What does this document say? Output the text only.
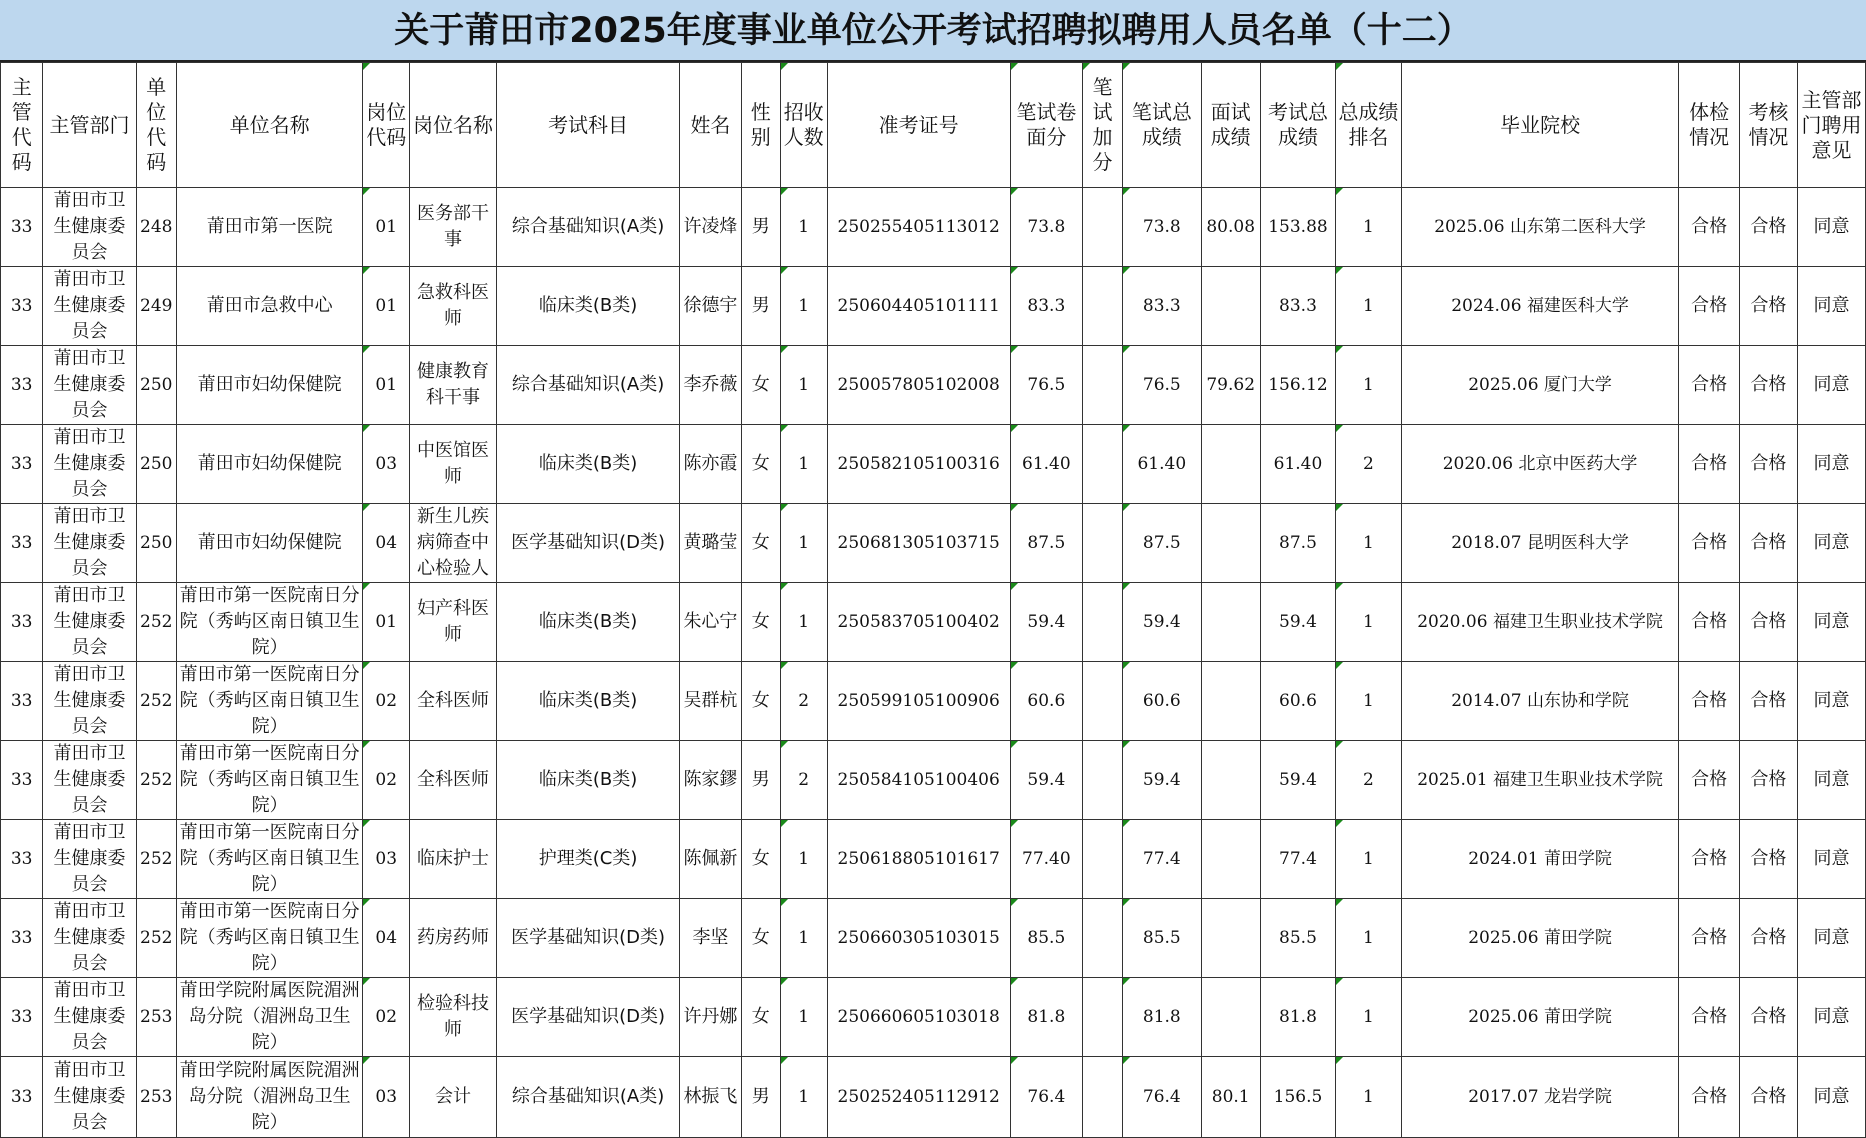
关于莆田市2025年度事业单位公开考试招聘拟聘用人员名单（十二）
主管代码	主管部门	单位代码	单位名称	岗位代码	岗位名称	考试科目	姓名	性别	招收人数	准考证号	笔试卷面分	笔试加分	笔试总成绩	面试成绩	考试总成绩	总成绩排名	毕业院校	体检情况	考核情况	主管部门聘用意见

33	莆田市卫生健康委员会	248	莆田市第一医院	01	医务部干事	综合基础知识(A类)	许凌烽	男	1	250255405113012	73.8		73.8	80.08	153.88	1	2025.06 山东第二医科大学	合格	合格	同意

33	莆田市卫生健康委员会	249	莆田市急救中心	01	急救科医师	临床类(B类)	徐德宇	男	1	250604405101111	83.3		83.3		83.3	1	2024.06 福建医科大学	合格	合格	同意

33	莆田市卫生健康委员会	250	莆田市妇幼保健院	01	健康教育科干事	综合基础知识(A类)	李乔薇	女	1	250057805102008	76.5		76.5	79.62	156.12	1	2025.06 厦门大学	合格	合格	同意

33	莆田市卫生健康委员会	250	莆田市妇幼保健院	03	中医馆医师	临床类(B类)	陈亦霞	女	1	250582105100316	61.40		61.40		61.40	2	2020.06 北京中医药大学	合格	合格	同意

33	莆田市卫生健康委员会	250	莆田市妇幼保健院	04	新生儿疾病筛查中心检验人	医学基础知识(D类)	黄璐莹	女	1	250681305103715	87.5		87.5		87.5	1	2018.07 昆明医科大学	合格	合格	同意

33	莆田市卫生健康委员会	252	莆田市第一医院南日分院（秀屿区南日镇卫生院）	01	妇产科医师	临床类(B类)	朱心宁	女	1	250583705100402	59.4		59.4		59.4	1	2020.06 福建卫生职业技术学院	合格	合格	同意

33	莆田市卫生健康委员会	252	莆田市第一医院南日分院（秀屿区南日镇卫生院）	02	全科医师	临床类(B类)	吴群杭	女	2	250599105100906	60.6		60.6		60.6	1	2014.07 山东协和学院	合格	合格	同意

33	莆田市卫生健康委员会	252	莆田市第一医院南日分院（秀屿区南日镇卫生院）	02	全科医师	临床类(B类)	陈家鏐	男	2	250584105100406	59.4		59.4		59.4	2	2025.01 福建卫生职业技术学院	合格	合格	同意

33	莆田市卫生健康委员会	252	莆田市第一医院南日分院（秀屿区南日镇卫生院）	03	临床护士	护理类(C类)	陈佩新	女	1	250618805101617	77.40		77.4		77.4	1	2024.01 莆田学院	合格	合格	同意

33	莆田市卫生健康委员会	252	莆田市第一医院南日分院（秀屿区南日镇卫生院）	04	药房药师	医学基础知识(D类)	李坚	女	1	250660305103015	85.5		85.5		85.5	1	2025.06 莆田学院	合格	合格	同意

33	莆田市卫生健康委员会	253	莆田学院附属医院湄洲岛分院（湄洲岛卫生院）	02	检验科技师	医学基础知识(D类)	许丹娜	女	1	250660605103018	81.8		81.8		81.8	1	2025.06 莆田学院	合格	合格	同意

33	莆田市卫生健康委员会	253	莆田学院附属医院湄洲岛分院（湄洲岛卫生院）	03	会计	综合基础知识(A类)	林振飞	男	1	250252405112912	76.4		76.4	80.1	156.5	1	2017.07 龙岩学院	合格	合格	同意
